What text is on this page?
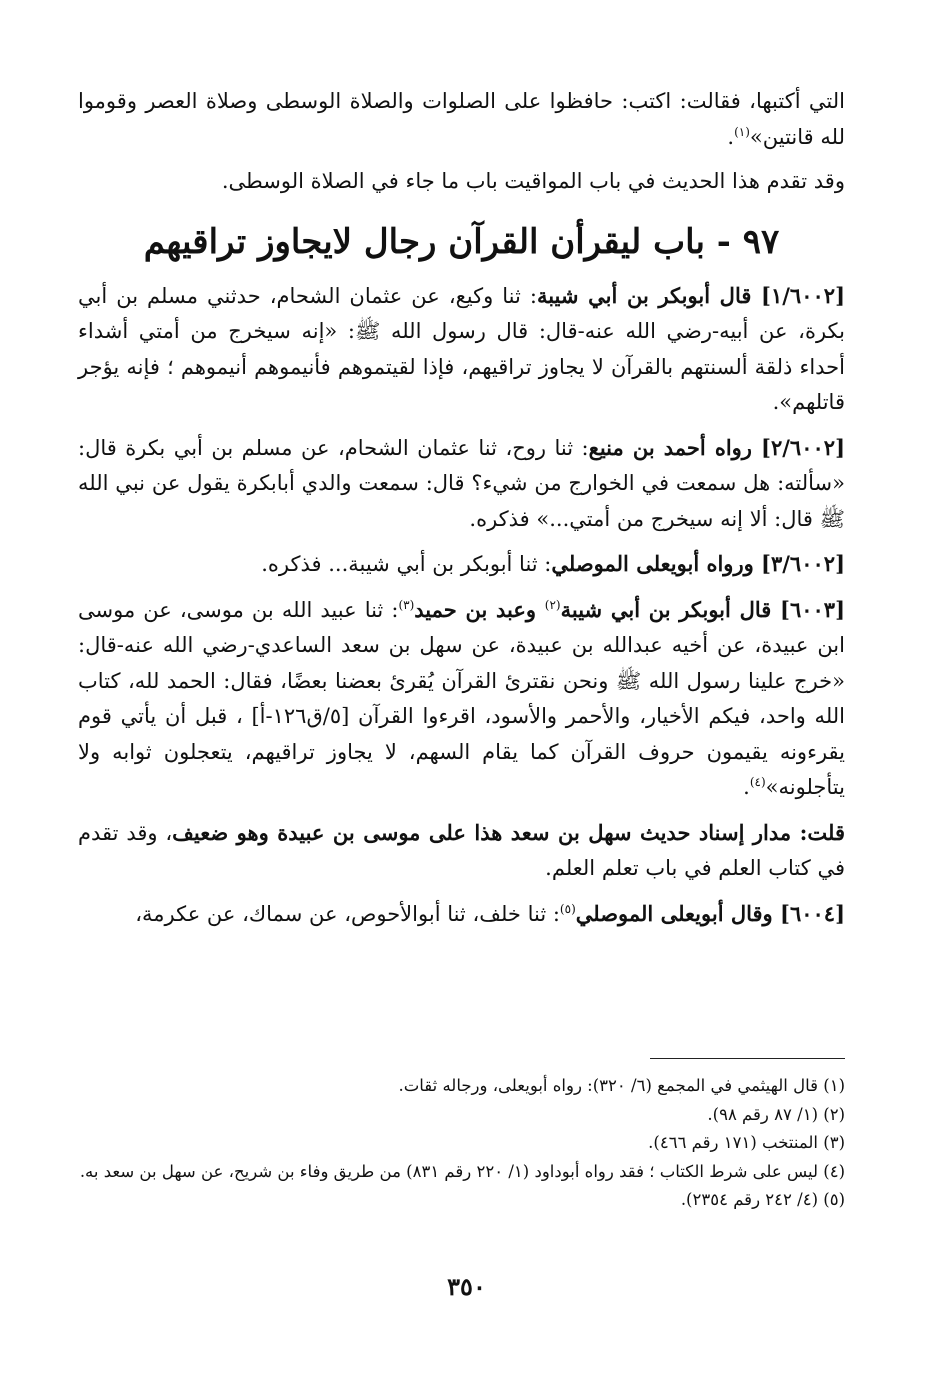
التي أكتبها، فقالت: اكتب: حافظوا على الصلوات والصلاة الوسطى وصلاة العصر وقوموا لله قانتين»$^{(١)}$.

وقد تقدم هذا الحديث في باب المواقيت باب ما جاء في الصلاة الوسطى.

٩٧ - باب ليقرأن القرآن رجال لايجاوز تراقيهم

[١/٦٠٠٢] قال أبوبكر بن أبي شيبة: ثنا وكيع، عن عثمان الشحام، حدثني مسلم بن أبي بكرة، عن أبيه-رضي الله عنه-قال: قال رسول الله ﷺ: «إنه سيخرج من أمتي أشداء أحداء ذلقة ألسنتهم بالقرآن لا يجاوز تراقيهم، فإذا لقيتموهم فأنيموهم أنيموهم ؛ فإنه يؤجر قاتلهم».

[٢/٦٠٠٢] رواه أحمد بن منيع: ثنا روح، ثنا عثمان الشحام، عن مسلم بن أبي بكرة قال: «سألته: هل سمعت في الخوارج من شيء؟ قال: سمعت والدي أبابكرة يقول عن نبي الله ﷺ قال: ألا إنه سيخرج من أمتي...» فذكره.

[٣/٦٠٠٢] ورواه أبويعلى الموصلي: ثنا أبوبكر بن أبي شيبة... فذكره.

[٦٠٠٣] قال أبوبكر بن أبي شيبة$^{(٢)}$ وعبد بن حميد$^{(٣)}$: ثنا عبيد الله بن موسى، عن موسى ابن عبيدة، عن أخيه عبدالله بن عبيدة، عن سهل بن سعد الساعدي-رضي الله عنه-قال: «خرج علينا رسول الله ﷺ ونحن نقترئ القرآن يُقرئ بعضنا بعضًا، فقال: الحمد لله، كتاب الله واحد، فيكم الأخيار، والأحمر والأسود، اقرءوا القرآن [٥/ق١٢٦-أ] ، قبل أن يأتي قوم يقرءونه يقيمون حروف القرآن كما يقام السهم، لا يجاوز تراقيهم، يتعجلون ثوابه ولا يتأجلونه»$^{(٤)}$.

قلت: مدار إسناد حديث سهل بن سعد هذا على موسى بن عبيدة وهو ضعيف، وقد تقدم في كتاب العلم في باب تعلم العلم.

[٦٠٠٤] وقال أبويعلى الموصلي$^{(٥)}$: ثنا خلف، ثنا أبوالأحوص، عن سماك، عن عكرمة،

(١) قال الهيثمي في المجمع (٦/ ٣٢٠): رواه أبويعلى، ورجاله ثقات.

(٢) (١/ ٨٧ رقم ٩٨).

(٣) المنتخب (١٧١ رقم ٤٦٦).

(٤) ليس على شرط الكتاب ؛ فقد رواه أبوداود (١/ ٢٢٠ رقم ٨٣١) من طريق وفاء بن شريح، عن سهل بن سعد به.

(٥) (٤/ ٢٤٢ رقم ٢٣٥٤).

٣٥٠
